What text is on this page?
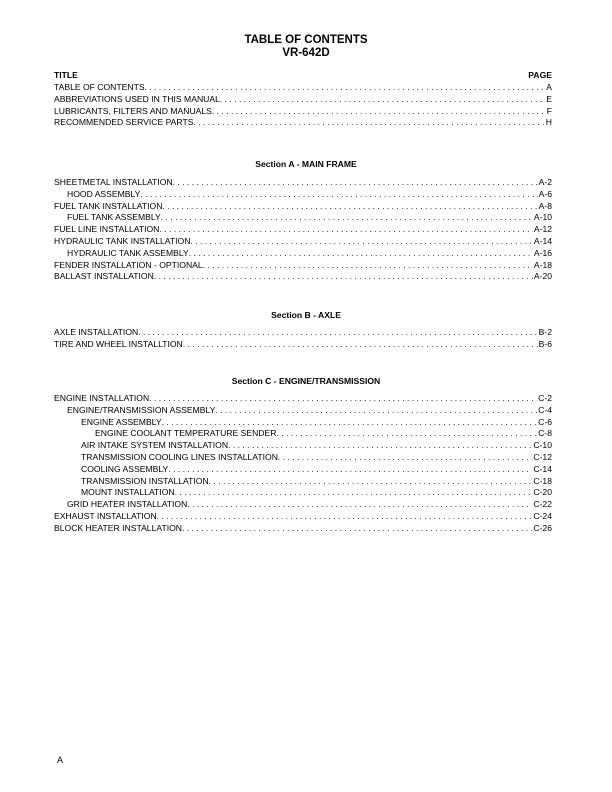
TABLE OF CONTENTS
VR-642D
TITLE	PAGE
TABLE OF CONTENTS . . .	A
ABBREVIATIONS USED IN THIS MANUAL . . .	E
LUBRICANTS, FILTERS AND MANUALS . . .	F
RECOMMENDED SERVICE PARTS . . .	H
Section A - MAIN FRAME
SHEETMETAL INSTALLATION . . .	A-2
HOOD ASSEMBLY . . .	A-6
FUEL TANK INSTALLATION . . .	A-8
FUEL TANK ASSEMBLY . . .	A-10
FUEL LINE INSTALLATION . . .	A-12
HYDRAULIC TANK INSTALLATION . . .	A-14
HYDRAULIC TANK ASSEMBLY . . .	A-16
FENDER INSTALLATION - OPTIONAL . . .	A-18
BALLAST INSTALLATION . . .	A-20
Section B - AXLE
AXLE INSTALLATION . . .	B-2
TIRE AND WHEEL INSTALLTION . . .	B-6
Section C - ENGINE/TRANSMISSION
ENGINE INSTALLATION . . .	C-2
ENGINE/TRANSMISSION ASSEMBLY . . .	C-4
ENGINE ASSEMBLY . . .	C-6
ENGINE COOLANT TEMPERATURE SENDER . . .	C-8
AIR INTAKE SYSTEM INSTALLATION . . .	C-10
TRANSMISSION COOLING LINES INSTALLATION . . .	C-12
COOLING ASSEMBLY . . .	C-14
TRANSMISSION INSTALLATION . . .	C-18
MOUNT INSTALLATION . . .	C-20
GRID HEATER INSTALLATION . . .	C-22
EXHAUST INSTALLATION . . .	C-24
BLOCK HEATER INSTALLATION . . .	C-26
A
